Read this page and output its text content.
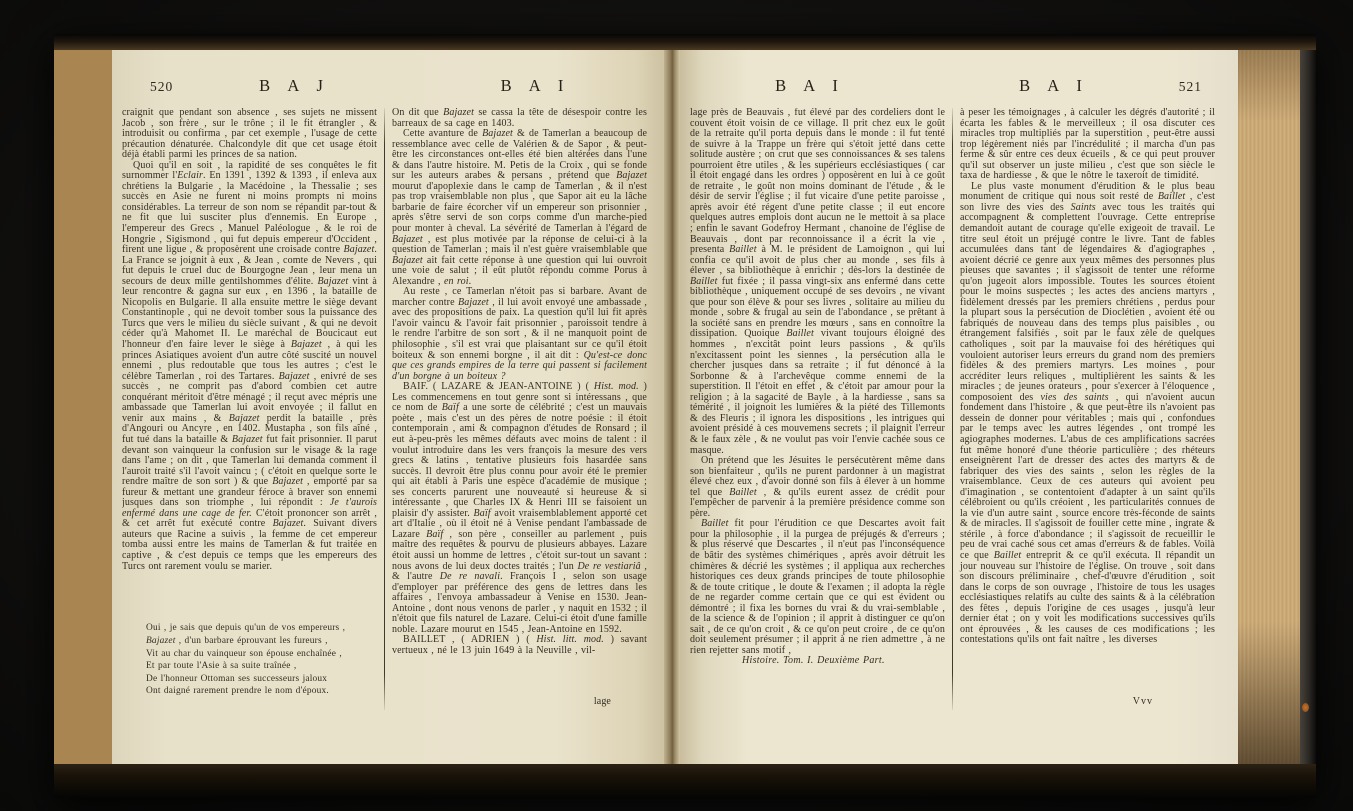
520	B A J	B A I

craignit que pendant son absence , ses sujets ne missent Jacob , son frère , sur le trône ; il le fit étrangler , & introduisit ou confirma , par cet exemple , l'usage de cette précaution dénaturée. Chalcondyle dit que cet usage étoit déjà établi parmi les princes de sa nation.

Quoi qu'il en soit , la rapidité de ses conquêtes le fit surnommer l'Eclair. En 1391 , 1392 & 1393 , il enleva aux chrétiens la Bulgarie , la Macédoine , la Thessalie ; ses succès en Asie ne furent ni moins prompts ni moins considérables. La terreur de son nom se répandit par-tout & ne fit que lui susciter plus d'ennemis. En Europe , l'empereur des Grecs , Manuel Paléologue , & le roi de Hongrie , Sigismond , qui fut depuis empereur d'Occident , firent une ligue , & proposèrent une croisade contre Bajazet. La France se joignit à eux , & Jean , comte de Nevers , qui fut depuis le cruel duc de Bourgogne Jean , leur mena un secours de deux mille gentilshommes d'élite. Bajazet vint à leur rencontre & gagna sur eux , en 1396 , la bataille de Nicopolis en Bulgarie. Il alla ensuite mettre le siège devant Constantinople , qui ne devoit tomber sous la puissance des Turcs que vers le milieu du siècle suivant , & qui ne devoit céder qu'à Mahomet II. Le maréchal de Boucicaut eut l'honneur d'en faire lever le siège à Bajazet , à qui les princes Asiatiques avoient d'un autre côté suscité un nouvel ennemi , plus redoutable que tous les autres ; c'est le célèbre Tamerlan , roi des Tartares. Bajazet , enivré de ses succès , ne comprit pas d'abord combien cet autre conquérant méritoit d'être ménagé ; il reçut avec mépris une ambassade que Tamerlan lui avoit envoyée ; il fallut en venir aux mains , & Bajazet perdit la bataille , près d'Angouri ou Ancyre , en 1402. Mustapha , son fils aîné , fut tué dans la bataille & Bajazet fut fait prisonnier. Il parut devant son vainqueur la confusion sur le visage & la rage dans l'ame ; on dit , que Tamerlan lui demanda comment il l'auroit traité s'il l'avoit vaincu ; ( c'étoit en quelque sorte le rendre maître de son sort ) & que Bajazet , emporté par sa fureur & mettant une grandeur féroce à braver son ennemi jusques dans son triomphe , lui répondit : Je t'aurois enfermé dans une cage de fer. C'étoit prononcer son arrêt , & cet arrêt fut exécuté contre Bajazet. Suivant divers auteurs que Racine a suivis , la femme de cet empereur tomba aussi entre les mains de Tamerlan & fut traitée en captive , & c'est depuis ce temps que les empereurs des Turcs ont rarement voulu se marier.

Oui , je sais que depuis qu'un de vos empereurs ,

Bajazet , d'un barbare éprouvant les fureurs ,

Vit au char du vainqueur son épouse enchaînée ,

Et par toute l'Asie à sa suite traînée ,

De l'honneur Ottoman ses successeurs jaloux

Ont daigné rarement prendre le nom d'époux.

On dit que Bajazet se cassa la tête de désespoir contre les barreaux de sa cage en 1403.

Cette avanture de Bajazet & de Tamerlan a beaucoup de ressemblance avec celle de Valérien & de Sapor , & peut-être les circonstances ont-elles été bien altérées dans l'une & dans l'autre histoire. M. Petis de la Croix , qui se fonde sur les auteurs arabes & persans , prétend que Bajazet mourut d'apoplexie dans le camp de Tamerlan , & il n'est pas trop vraisemblable non plus , que Sapor ait eu la lâche barbarie de faire écorcher vif un empereur son prisonnier , après s'être servi de son corps comme d'un marche-pied pour monter à cheval. La sévérité de Tamerlan à l'égard de Bajazet , est plus motivée par la réponse de celui-ci à la question de Tamerlan ; mais il n'est guère vraisemblable que Bajazet ait fait cette réponse à une question qui lui ouvroit une voie de salut ; il eût plutôt répondu comme Porus à Alexandre , en roi.

Au reste , ce Tamerlan n'étoit pas si barbare. Avant de marcher contre Bajazet , il lui avoit envoyé une ambassade , avec des propositions de paix. La question qu'il lui fit après l'avoir vaincu & l'avoir fait prisonnier , paroissoit tendre à le rendre l'arbitre de son sort , & il ne manquoit point de philosophie , s'il est vrai que plaisantant sur ce qu'il étoit boiteux & son ennemi borgne , il ait dit : Qu'est-ce donc que ces grands empires de la terre qui passent si facilement d'un borgne à un boiteux ?

BAIF. ( LAZARE & JEAN-ANTOINE ) ( Hist. mod. ) Les commencemens en tout genre sont si intéressans , que ce nom de Baïf a une sorte de célébrité ; c'est un mauvais poète , mais c'est un des pères de notre poésie : il étoit contemporain , ami & compagnon d'études de Ronsard ; il eut à-peu-près les mêmes défauts avec moins de talent : il voulut introduire dans les vers françois la mesure des vers grecs & latins , tentative plusieurs fois hasardée sans succès. Il devroit être plus connu pour avoir été le premier qui ait établi à Paris une espèce d'académie de musique ; ses concerts parurent une nouveauté si heureuse & si intéressante , que Charles IX & Henri III se faisoient un plaisir d'y assister. Baïf avoit vraisemblablement apporté cet art d'Italie , où il étoit né à Venise pendant l'ambassade de Lazare Baïf , son père , conseiller au parlement , puis maître des requêtes & pourvu de plusieurs abbayes. Lazare étoit aussi un homme de lettres , c'étoit sur-tout un savant : nous avons de lui deux doctes traités ; l'un De re vestiariâ , & l'autre De re navali. François I , selon son usage d'employer par préférence des gens de lettres dans les affaires , l'envoya ambassadeur à Venise en 1530. Jean-Antoine , dont nous venons de parler , y naquit en 1532 ; il n'étoit que fils naturel de Lazare. Celui-ci étoit d'une famille noble. Lazare mourut en 1545 , Jean-Antoine en 1592.

BAILLET , ( ADRIEN ) ( Hist. litt. mod. ) savant vertueux , né le 13 juin 1649 à la Neuville , vil-

lage
B A I	B A I	521

lage près de Beauvais , fut élevé par des cordeliers dont le couvent étoit voisin de ce village. Il prit chez eux le goût de la retraite qu'il porta depuis dans le monde : il fut tenté de suivre à la Trappe un frère qui s'étoit jetté dans cette solitude austère ; on crut que ses connoissances & ses talens pourroient être utiles , & les supérieurs ecclésiastiques ( car il étoit engagé dans les ordres ) opposèrent en lui à ce goût de retraite , le goût non moins dominant de l'étude , & le désir de servir l'église ; il fut vicaire d'une petite paroisse , après avoir été régent d'une petite classe ; il eut encore quelques autres emplois dont aucun ne le mettoit à sa place ; enfin le savant Godefroy Hermant , chanoine de l'église de Beauvais , dont par reconnoissance il a écrit la vie , presenta Baillet à M. le président de Lamoignon , qui lui confia ce qu'il avoit de plus cher au monde , ses fils à élever , sa bibliothèque à enrichir ; dès-lors la destinée de Baillet fut fixée ; il passa vingt-six ans enfermé dans cette bibliothèque , uniquement occupé de ses devoirs , ne vivant que pour son élève & pour ses livres , solitaire au milieu du monde , sobre & frugal au sein de l'abondance , se prêtant à la société sans en prendre les mœurs , sans en connoître la dissipation. Quoique Baillet vivant toujours éloigné des hommes , n'excitât point leurs passions , & qu'ils n'excitassent point les siennes , la persécution alla le chercher jusques dans sa retraite ; il fut dénoncé à la Sorbonne & à l'archevêque comme ennemi de la superstition. Il l'étoit en effet , & c'étoit par amour pour la religion ; à la sagacité de Bayle , à la hardiesse , sans sa témérité , il joignoit les lumières & la piété des Tillemonts & des Fleuris ; il ignora les dispositions , les intrigues qui avoient présidé à ces mouvemens secrets ; il plaignit l'erreur & le faux zèle , & ne voulut pas voir l'envie cachée sous ce masque.

On prétend que les Jésuites le persécutèrent même dans son bienfaiteur , qu'ils ne purent pardonner à un magistrat élevé chez eux , d'avoir donné son fils à élever à un homme tel que Baillet , & qu'ils eurent assez de crédit pour l'empêcher de parvenir à la première présidence comme son père.

Baillet fit pour l'érudition ce que Descartes avoit fait pour la philosophie , il la purgea de préjugés & d'erreurs ; & plus réservé que Descartes , il n'eut pas l'inconséquence de bâtir des systèmes chimériques , après avoir détruit les chimères & décrié les systèmes ; il appliqua aux recherches historiques ces deux grands principes de toute philosophie & de toute critique , le doute & l'examen ; il adopta la règle de ne regarder comme certain que ce qui est évident ou démontré ; il fixa les bornes du vrai & du vrai-semblable , de la science & de l'opinion ; il apprit à distinguer ce qu'on sait , de ce qu'on croit , & ce qu'on peut croire , de ce qu'on doit seulement présumer ; il apprit à ne rien admettre , à ne rien rejetter sans motif ,

Histoire. Tom. I. Deuxième Part.

à peser les témoignages , à calculer les dégrés d'autorité ; il écarta les fables & le merveilleux ; il osa discuter ces miracles trop multipliés par la superstition , peut-être aussi trop légèrement niés par l'incrédulité ; il marcha d'un pas ferme & sûr entre ces deux écueils , & ce qui peut prouver qu'il sut observer un juste milieu , c'est que son siècle le taxa de hardiesse , & que le nôtre le taxeroit de timidité.

Le plus vaste monument d'érudition & le plus beau monument de critique qui nous soit resté de Baillet , c'est son livre des vies des Saints avec tous les traités qui accompagnent & complettent l'ouvrage. Cette entreprise demandoit autant de courage qu'elle exigeoit de travail. Le titre seul étoit un préjugé contre le livre. Tant de fables accumulées dans tant de légendaires & d'agiographes , avoient décrié ce genre aux yeux mêmes des personnes plus pieuses que savantes ; il s'agissoit de tenter une réforme qu'on jugeoit alors impossible. Toutes les sources étoient pour le moins suspectes ; les actes des anciens martyrs , fidèlement dressés par les premiers chrétiens , perdus pour la plupart sous la persécution de Dioclétien , avoient été ou fabriqués de nouveau dans des temps plus paisibles , ou étrangement falsifiés , soit par le faux zèle de quelques catholiques , soit par la mauvaise foi des hérétiques qui vouloient autoriser leurs erreurs du grand nom des premiers fidèles & des premiers martyrs. Les moines , pour accréditer leurs reliques , multiplièrent les saints & les miracles ; de jeunes orateurs , pour s'exercer à l'éloquence , composoient des vies des saints , qui n'avoient aucun fondement dans l'histoire , & que peut-être ils n'avoient pas dessein de donner pour véritables ; mais qui , confondues par le temps avec les autres légendes , ont trompé les agiographes modernes. L'abus de ces amplifications sacrées fut même honoré d'une théorie particulière ; des rhéteurs enseignèrent l'art de dresser des actes des martyrs & de fabriquer des vies des saints , selon les règles de la vraisemblance. Ceux de ces auteurs qui avoient peu d'imagination , se contentoient d'adapter à un saint qu'ils célébroient ou qu'ils créoient , les particularités connues de la vie d'un autre saint , source encore très-féconde de saints & de miracles. Il s'agissoit de fouiller cette mine , ingrate & stérile , à force d'abondance ; il s'agissoit de recueillir le peu de vrai caché sous cet amas d'erreurs & de fables. Voilà ce que Baillet entreprit & ce qu'il exécuta. Il répandit un jour nouveau sur l'histoire de l'église. On trouve , soit dans son discours préliminaire , chef-d'œuvre d'érudition , soit dans le corps de son ouvrage , l'histoire de tous les usages ecclésiastiques relatifs au culte des saints & à la célébration des fêtes , depuis l'origine de ces usages , jusqu'à leur dernier état ; on y voit les modifications successives qu'ils ont éprouvées , & les causes de ces modifications ; les contestations qu'ils ont fait naître , les diverses

Vvv
